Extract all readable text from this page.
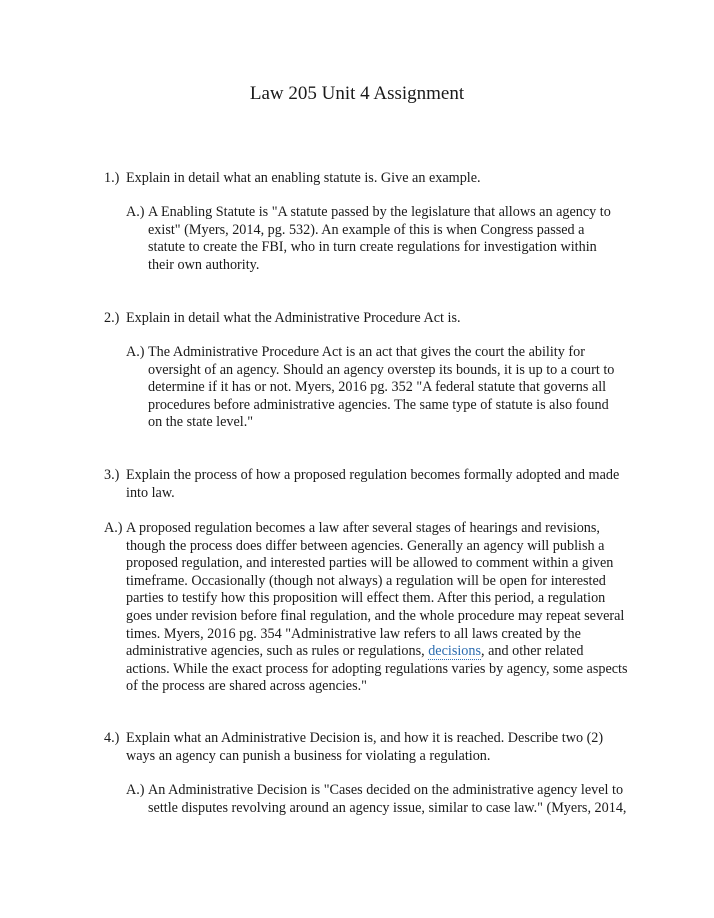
Law 205 Unit 4 Assignment
1.) Explain in detail what an enabling statute is. Give an example.
A.) A Enabling Statute is "A statute passed by the legislature that allows an agency to exist" (Myers, 2014, pg. 532). An example of this is when Congress passed a statute to create the FBI, who in turn create regulations for investigation within their own authority.
2.) Explain in detail what the Administrative Procedure Act is.
A.) The Administrative Procedure Act is an act that gives the court the ability for oversight of an agency. Should an agency overstep its bounds, it is up to a court to determine if it has or not. Myers, 2016 pg. 352 "A federal statute that governs all procedures before administrative agencies. The same type of statute is also found on the state level."
3.) Explain the process of how a proposed regulation becomes formally adopted and made into law.
A.) A proposed regulation becomes a law after several stages of hearings and revisions, though the process does differ between agencies. Generally an agency will publish a proposed regulation, and interested parties will be allowed to comment within a given timeframe. Occasionally (though not always) a regulation will be open for interested parties to testify how this proposition will effect them. After this period, a regulation goes under revision before final regulation, and the whole procedure may repeat several times. Myers, 2016 pg. 354 "Administrative law refers to all laws created by the administrative agencies, such as rules or regulations, decisions, and other related actions. While the exact process for adopting regulations varies by agency, some aspects of the process are shared across agencies."
4.) Explain what an Administrative Decision is, and how it is reached. Describe two (2) ways an agency can punish a business for violating a regulation.
A.) An Administrative Decision is "Cases decided on the administrative agency level to settle disputes revolving around an agency issue, similar to case law." (Myers, 2014,
